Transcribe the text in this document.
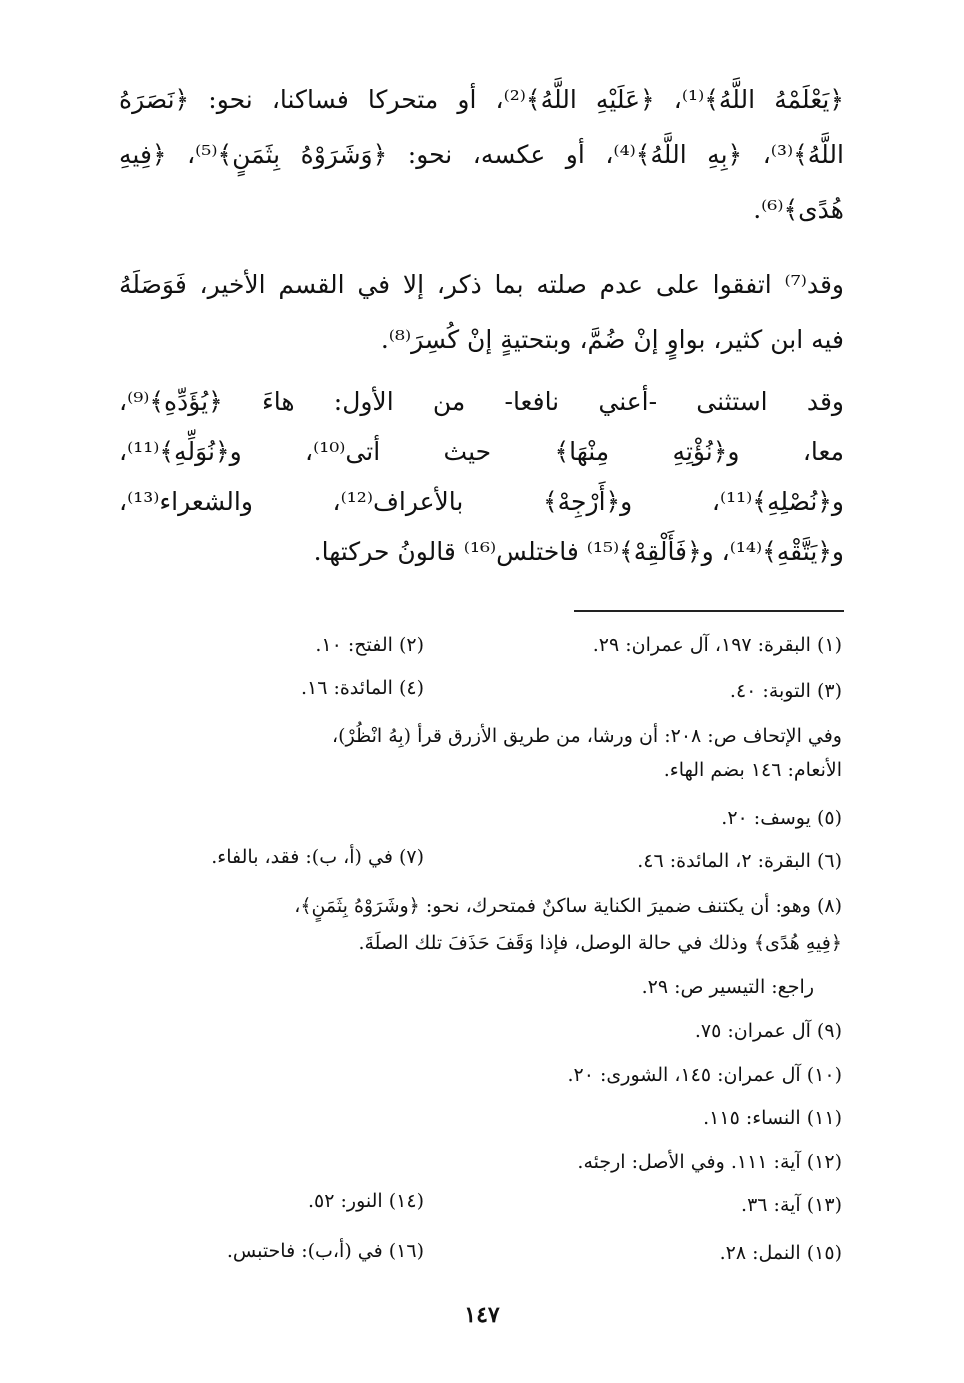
﴿يَعْلَمْهُ اللَّهُ﴾⁽¹⁾، ﴿عَلَيْهِ اللَّهُ﴾⁽²⁾، أو متحركا فساكنا، نحو: ﴿نَصَرَهُ
اللَّهُ﴾⁽³⁾، ﴿بِهِ اللَّهُ﴾⁽⁴⁾، أو عكسه، نحو: ﴿وَشَرَوْهُ بِثَمَنٍ﴾⁽⁵⁾، ﴿فِيهِ
هُدًى﴾⁽⁶⁾.
وقد⁽⁷⁾ اتفقوا على عدم صلته بما ذكر، إلا في القسم الأخير، فَوَصَلَهُ
فيه ابن كثير، بواوٍ إنْ ضُمَّ، وبتحتيةٍ إنْ كُسِرَ⁽⁸⁾.
وقد استثنى -أعني نافعا- من الأول: هاءَ ﴿يُؤَدِّهِ﴾⁽⁹⁾،
معا، و﴿نُؤْتِهِ مِنْهَا﴾ حيث أتى⁽¹⁰⁾، و﴿نُوَلِّهِ﴾⁽¹¹⁾،
و﴿نُصْلِهِ﴾⁽¹¹⁾، و﴿أَرْجِهْ﴾ بالأعراف⁽¹²⁾، والشعراء⁽¹³⁾،
و﴿يَتَّقْهِ﴾⁽¹⁴⁾، و﴿فَأَلْقِهْ﴾⁽¹⁵⁾ فاختلس⁽¹⁶⁾ قالونُ حركتها.
(١) البقرة: ١٩٧، آل عمران: ٢٩.
(٢) الفتح: ١٠.
(٣) التوبة: ٤٠.
(٤) المائدة: ١٦.
وفي الإتحاف ص: ٢٠٨: أن ورشا، من طريق الأزرق قرأ (بِهُ انْظُرْ)،
الأنعام: ١٤٦ بضم الهاء.
(٥) يوسف: ٢٠.
(٦) البقرة: ٢، المائدة: ٤٦.
(٧) في (أ، ب): فقد، بالفاء.
(٨) وهو: أن يكتنف ضميرَ الكناية ساكنٌ فمتحرك، نحو: ﴿وشَرَوْهُ بِثَمَنٍ﴾،
﴿فِيهِ هُدًى﴾ وذلك في حالة الوصل، فإذا وَقَفَ حَذَفَ تلك الصلَةَ.
راجع: التيسير ص: ٢٩.
(٩) آل عمران: ٧٥.
(١٠) آل عمران: ١٤٥، الشورى: ٢٠.
(١١) النساء: ١١٥.
(١٢) آية: ١١١. وفي الأصل: ارجئه.
(١٣) آية: ٣٦.
(١٤) النور: ٥٢.
(١٥) النمل: ٢٨.
(١٦) في (أ،ب): فاحتبس.
١٤٧
